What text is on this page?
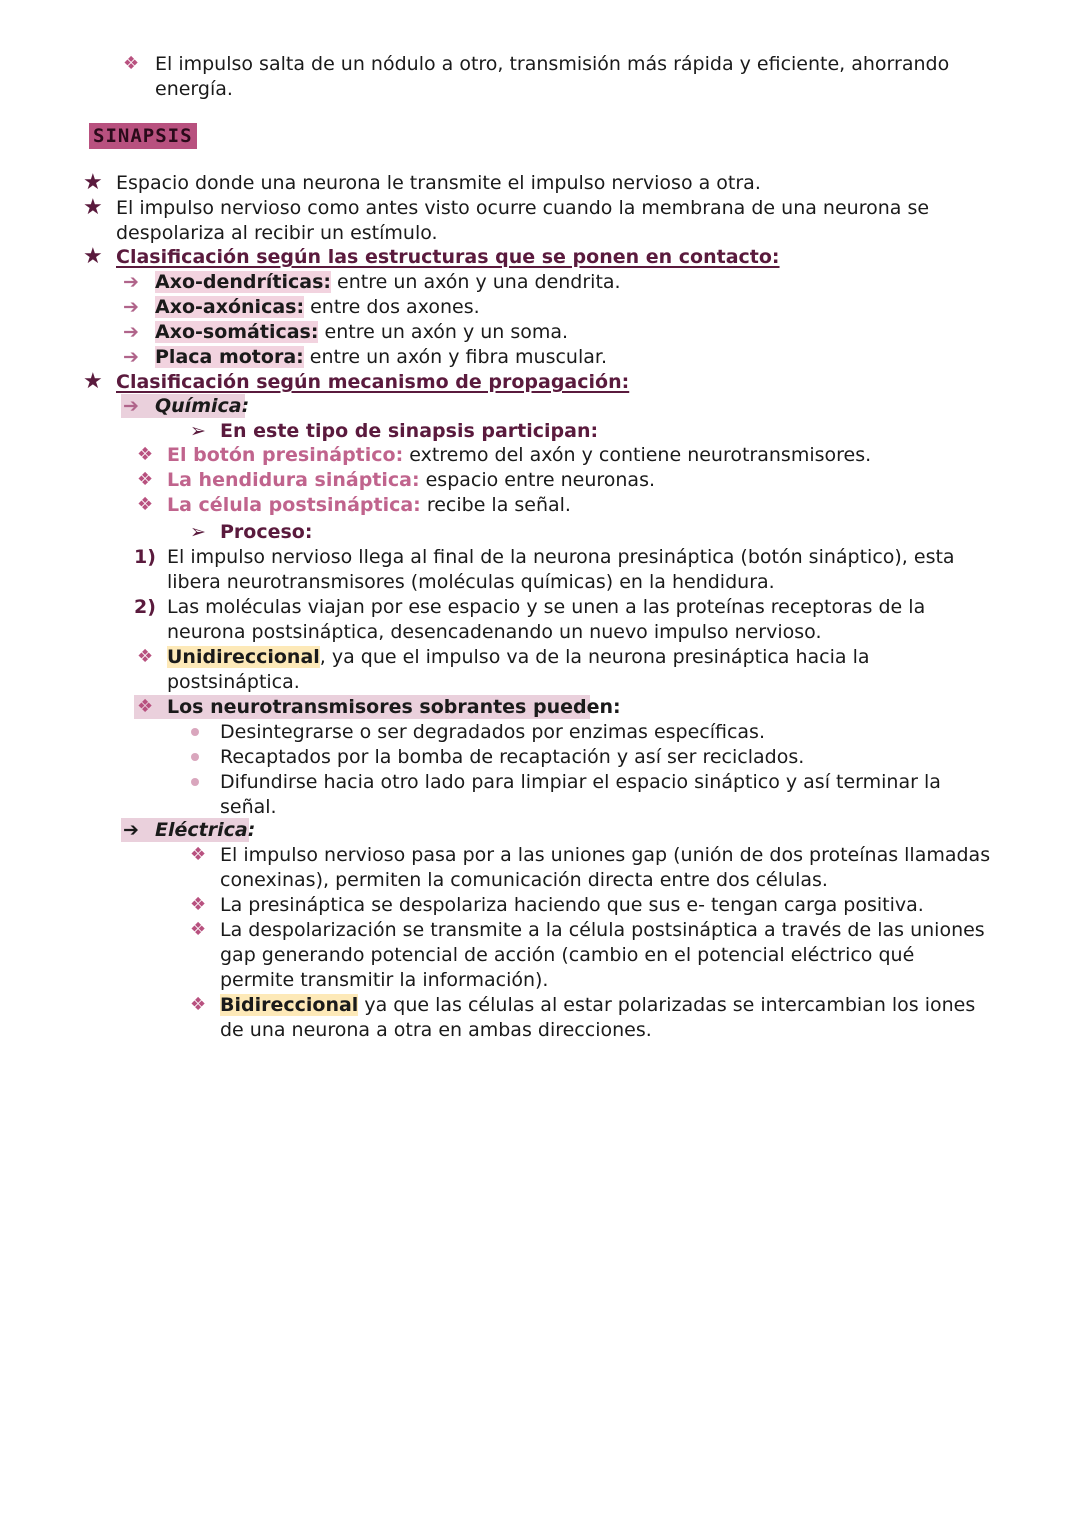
❖ El impulso salta de un nódulo a otro, transmisión más rápida y eficiente, ahorrando
energía.
SINAPSIS
★ Espacio donde una neurona le transmite el impulso nervioso a otra.
★ El impulso nervioso como antes visto ocurre cuando la membrana de una neurona se
despolariza al recibir un estímulo.
★ Clasificación según las estructuras que se ponen en contacto:
➔ Axo-dendríticas: entre un axón y una dendrita.
➔ Axo-axónicas: entre dos axones.
➔ Axo-somáticas: entre un axón y un soma.
➔ Placa motora: entre un axón y fibra muscular.
★ Clasificación según mecanismo de propagación:
➔ Química:
➢ En este tipo de sinapsis participan:
❖ El botón presináptico: extremo del axón y contiene neurotransmisores.
❖ La hendidura sináptica: espacio entre neuronas.
❖ La célula postsináptica: recibe la señal.
➢ Proceso:
1) El impulso nervioso llega al final de la neurona presináptica (botón sináptico), esta
libera neurotransmisores (moléculas químicas) en la hendidura.
2) Las moléculas viajan por ese espacio y se unen a las proteínas receptoras de la
neurona postsináptica, desencadenando un nuevo impulso nervioso.
❖ Unidireccional, ya que el impulso va de la neurona presináptica hacia la
postsináptica.
❖ Los neurotransmisores sobrantes pueden:
Desintegrarse o ser degradados por enzimas específicas.
Recaptados por la bomba de recaptación y así ser reciclados.
Difundirse hacia otro lado para limpiar el espacio sináptico y así terminar la
señal.
➔ Eléctrica:
❖ El impulso nervioso pasa por a las uniones gap (unión de dos proteínas llamadas
conexinas), permiten la comunicación directa entre dos células.
❖ La presináptica se despolariza haciendo que sus e- tengan carga positiva.
❖ La despolarización se transmite a la célula postsináptica a través de las uniones
gap generando potencial de acción (cambio en el potencial eléctrico qué
permite transmitir la información).
❖ Bidireccional ya que las células al estar polarizadas se intercambian los iones
de una neurona a otra en ambas direcciones.
